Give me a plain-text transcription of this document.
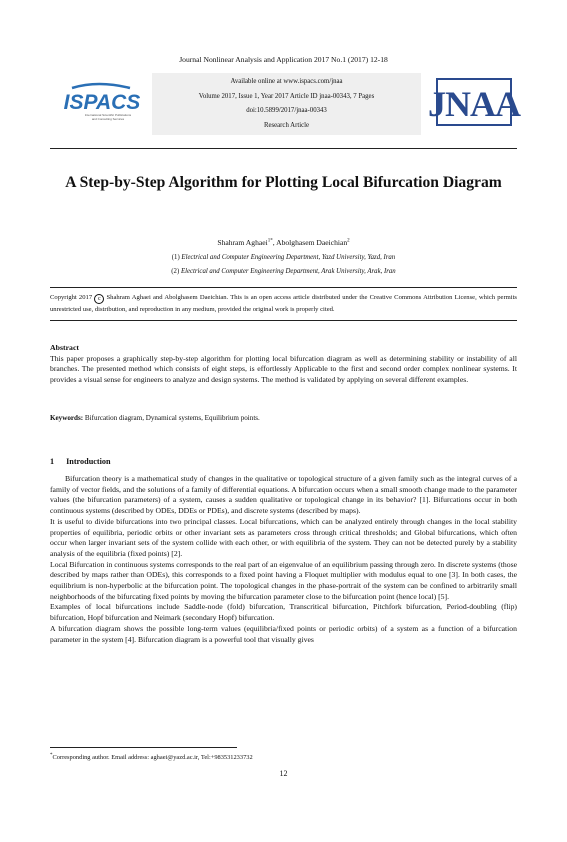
Journal Nonlinear Analysis and Application 2017 No.1 (2017) 12-18
ISPACS
International Scientific Publications
and Consulting Services
Available online at www.ispacs.com/jnaa
Volume 2017, Issue 1, Year 2017 Article ID jnaa-00343, 7 Pages
doi:10.5899/2017/jnaa-00343
Research Article
JNAA
A Step-by-Step Algorithm for Plotting Local Bifurcation Diagram
Shahram Aghaei$^{1*}$, Abolghasem Daeichian$^2$
(1) Electrical and Computer Engineering Department, Yazd University, Yazd, Iran
(2) Electrical and Computer Engineering Department, Arak University, Arak, Iran
Copyright 2017 c Shahram Aghaei and Abolghasem Daeichian. This is an open access article distributed under the Creative Commons Attribution License, which permits unrestricted use, distribution, and reproduction in any medium, provided the original work is properly cited.
Abstract
This paper proposes a graphically step-by-step algorithm for plotting local bifurcation diagram as well as determining stability or instability of all branches. The presented method which consists of eight steps, is effortlessly Applicable to the first and second order complex nonlinear systems. It provides a visual sense for engineers to analyze and design systems. The method is validated by applying on several different examples.
Keywords: Bifurcation diagram, Dynamical systems, Equilibrium points.
1 Introduction

Bifurcation theory is a mathematical study of changes in the qualitative or topological structure of a given family such as the integral curves of a family of vector fields, and the solutions of a family of differential equations. A bifurcation occurs when a small smooth change made to the parameter values (the bifurcation parameters) of a system, causes a sudden qualitative or topological change in its behavior? [1]. Bifurcations occur in both continuous systems (described by ODEs, DDEs or PDEs), and discrete systems (described by maps).

It is useful to divide bifurcations into two principal classes. Local bifurcations, which can be analyzed entirely through changes in the local stability properties of equilibria, periodic orbits or other invariant sets as parameters cross through critical thresholds; and Global bifurcations, which often occur when larger invariant sets of the system collide with each other, or with equilibria of the system. They can not be detected purely by a stability analysis of the equilibria (fixed points) [2].

Local Bifurcation in continuous systems corresponds to the real part of an eigenvalue of an equilibrium passing through zero. In discrete systems (those described by maps rather than ODEs), this corresponds to a fixed point having a Floquet multiplier with modulus equal to one [3]. In both cases, the equilibrium is non-hyperbolic at the bifurcation point. The topological changes in the phase-portrait of the system can be confined to arbitrarily small neighborhoods of the bifurcating fixed points by moving the bifurcation parameter close to the bifurcation point (hence local) [5].

Examples of local bifurcations include Saddle-node (fold) bifurcation, Transcritical bifurcation, Pitchfork bifurcation, Period-doubling (flip) bifurcation, Hopf bifurcation and Neimark (secondary Hopf) bifurcation.

A bifurcation diagram shows the possible long-term values (equilibria/fixed points or periodic orbits) of a system as a function of a bifurcation parameter in the system [4]. Bifurcation diagram is a powerful tool that visually gives

*Corresponding author. Email address: aghaei@yazd.ac.ir, Tel:+983531233732
12
